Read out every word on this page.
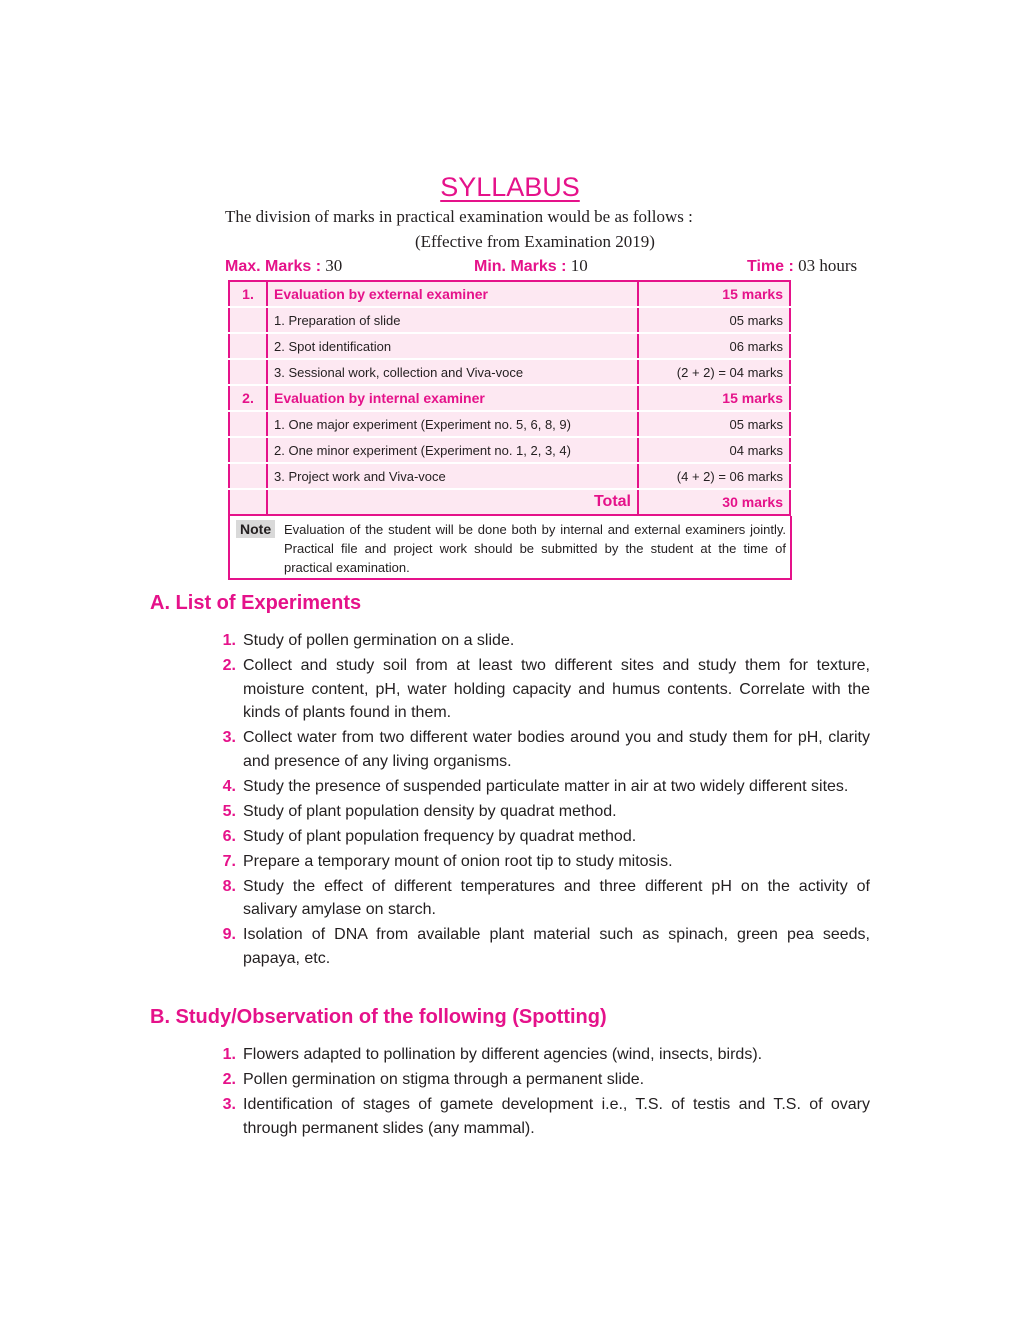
SYLLABUS
The division of marks in practical examination would be as follows :
(Effective from Examination 2019)
Max. Marks : 30	Min. Marks : 10	Time : 03 hours
1.	Evaluation by external examiner	15 marks
	1. Preparation of slide	05 marks
	2. Spot identification	06 marks
	3. Sessional work, collection and Viva-voce	(2 + 2) = 04 marks
2.	Evaluation by internal examiner	15 marks
	1. One major experiment (Experiment no. 5, 6, 8, 9)	05 marks
	2. One minor experiment (Experiment no. 1, 2, 3, 4)	04 marks
	3. Project work and Viva-voce	(4 + 2) = 06 marks
	Total	30 marks
Note Evaluation of the student will be done both by internal and external examiners jointly. Practical file and project work should be submitted by the student at the time of practical examination.
A. List of Experiments
1. Study of pollen germination on a slide.
2. Collect and study soil from at least two different sites and study them for texture, moisture content, pH, water holding capacity and humus contents. Correlate with the kinds of plants found in them.
3. Collect water from two different water bodies around you and study them for pH, clarity and presence of any living organisms.
4. Study the presence of suspended particulate matter in air at two widely different sites.
5. Study of plant population density by quadrat method.
6. Study of plant population frequency by quadrat method.
7. Prepare a temporary mount of onion root tip to study mitosis.
8. Study the effect of different temperatures and three different pH on the activity of salivary amylase on starch.
9. Isolation of DNA from available plant material such as spinach, green pea seeds, papaya, etc.
B. Study/Observation of the following (Spotting)
1. Flowers adapted to pollination by different agencies (wind, insects, birds).
2. Pollen germination on stigma through a permanent slide.
3. Identification of stages of gamete development i.e., T.S. of testis and T.S. of ovary through permanent slides (any mammal).
